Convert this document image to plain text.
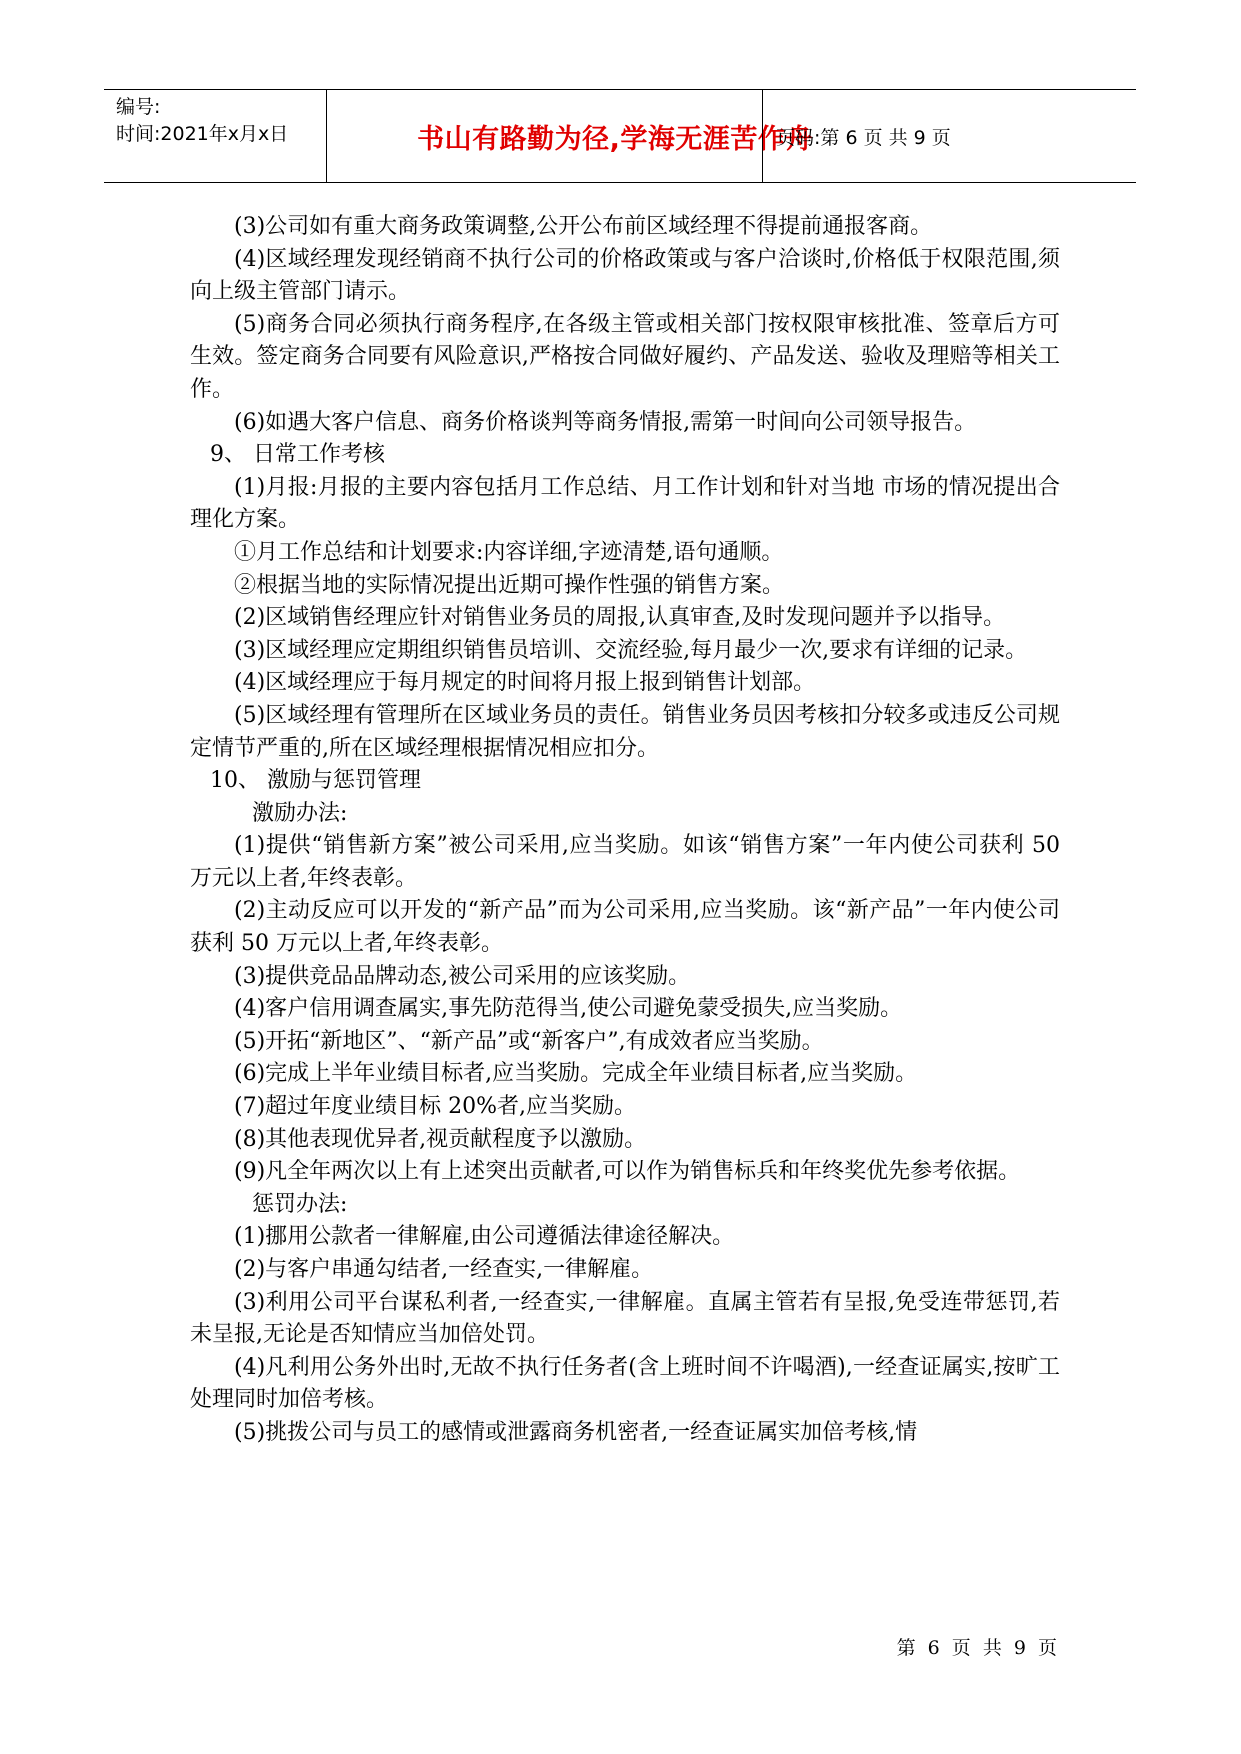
编号:
时间:2021年x月x日	书山有路勤为径,学海无涯苦作舟
页码:第 6 页 共 9 页

(3)公司如有重大商务政策调整,公开公布前区域经理不得提前通报客商。

(4)区域经理发现经销商不执行公司的价格政策或与客户洽谈时,价格低于权限范围,须向上级主管部门请示。

(5)商务合同必须执行商务程序,在各级主管或相关部门按权限审核批准、签章后方可生效。签定商务合同要有风险意识,严格按合同做好履约、产品发送、验收及理赔等相关工作。

(6)如遇大客户信息、商务价格谈判等商务情报,需第一时间向公司领导报告。

9、 日常工作考核

(1)月报:月报的主要内容包括月工作总结、月工作计划和针对当地 市场的情况提出合理化方案。

①月工作总结和计划要求:内容详细,字迹清楚,语句通顺。

②根据当地的实际情况提出近期可操作性强的销售方案。

(2)区域销售经理应针对销售业务员的周报,认真审查,及时发现问题并予以指导。

(3)区域经理应定期组织销售员培训、交流经验,每月最少一次,要求有详细的记录。

(4)区域经理应于每月规定的时间将月报上报到销售计划部。

(5)区域经理有管理所在区域业务员的责任。销售业务员因考核扣分较多或违反公司规定情节严重的,所在区域经理根据情况相应扣分。

10、 激励与惩罚管理

激励办法:

(1)提供“销售新方案”被公司采用,应当奖励。如该“销售方案”一年内使公司获利 50 万元以上者,年终表彰。

(2)主动反应可以开发的“新产品”而为公司采用,应当奖励。该“新产品”一年内使公司获利 50 万元以上者,年终表彰。

(3)提供竞品品牌动态,被公司采用的应该奖励。

(4)客户信用调查属实,事先防范得当,使公司避免蒙受损失,应当奖励。

(5)开拓“新地区”、“新产品”或“新客户”,有成效者应当奖励。

(6)完成上半年业绩目标者,应当奖励。完成全年业绩目标者,应当奖励。

(7)超过年度业绩目标 20%者,应当奖励。

(8)其他表现优异者,视贡献程度予以激励。

(9)凡全年两次以上有上述突出贡献者,可以作为销售标兵和年终奖优先参考依据。

惩罚办法:

(1)挪用公款者一律解雇,由公司遵循法律途径解决。

(2)与客户串通勾结者,一经查实,一律解雇。

(3)利用公司平台谋私利者,一经查实,一律解雇。直属主管若有呈报,免受连带惩罚,若未呈报,无论是否知情应当加倍处罚。

(4)凡利用公务外出时,无故不执行任务者(含上班时间不许喝酒),一经查证属实,按旷工处理同时加倍考核。

(5)挑拨公司与员工的感情或泄露商务机密者,一经查证属实加倍考核,情

第 6 页 共 9 页
